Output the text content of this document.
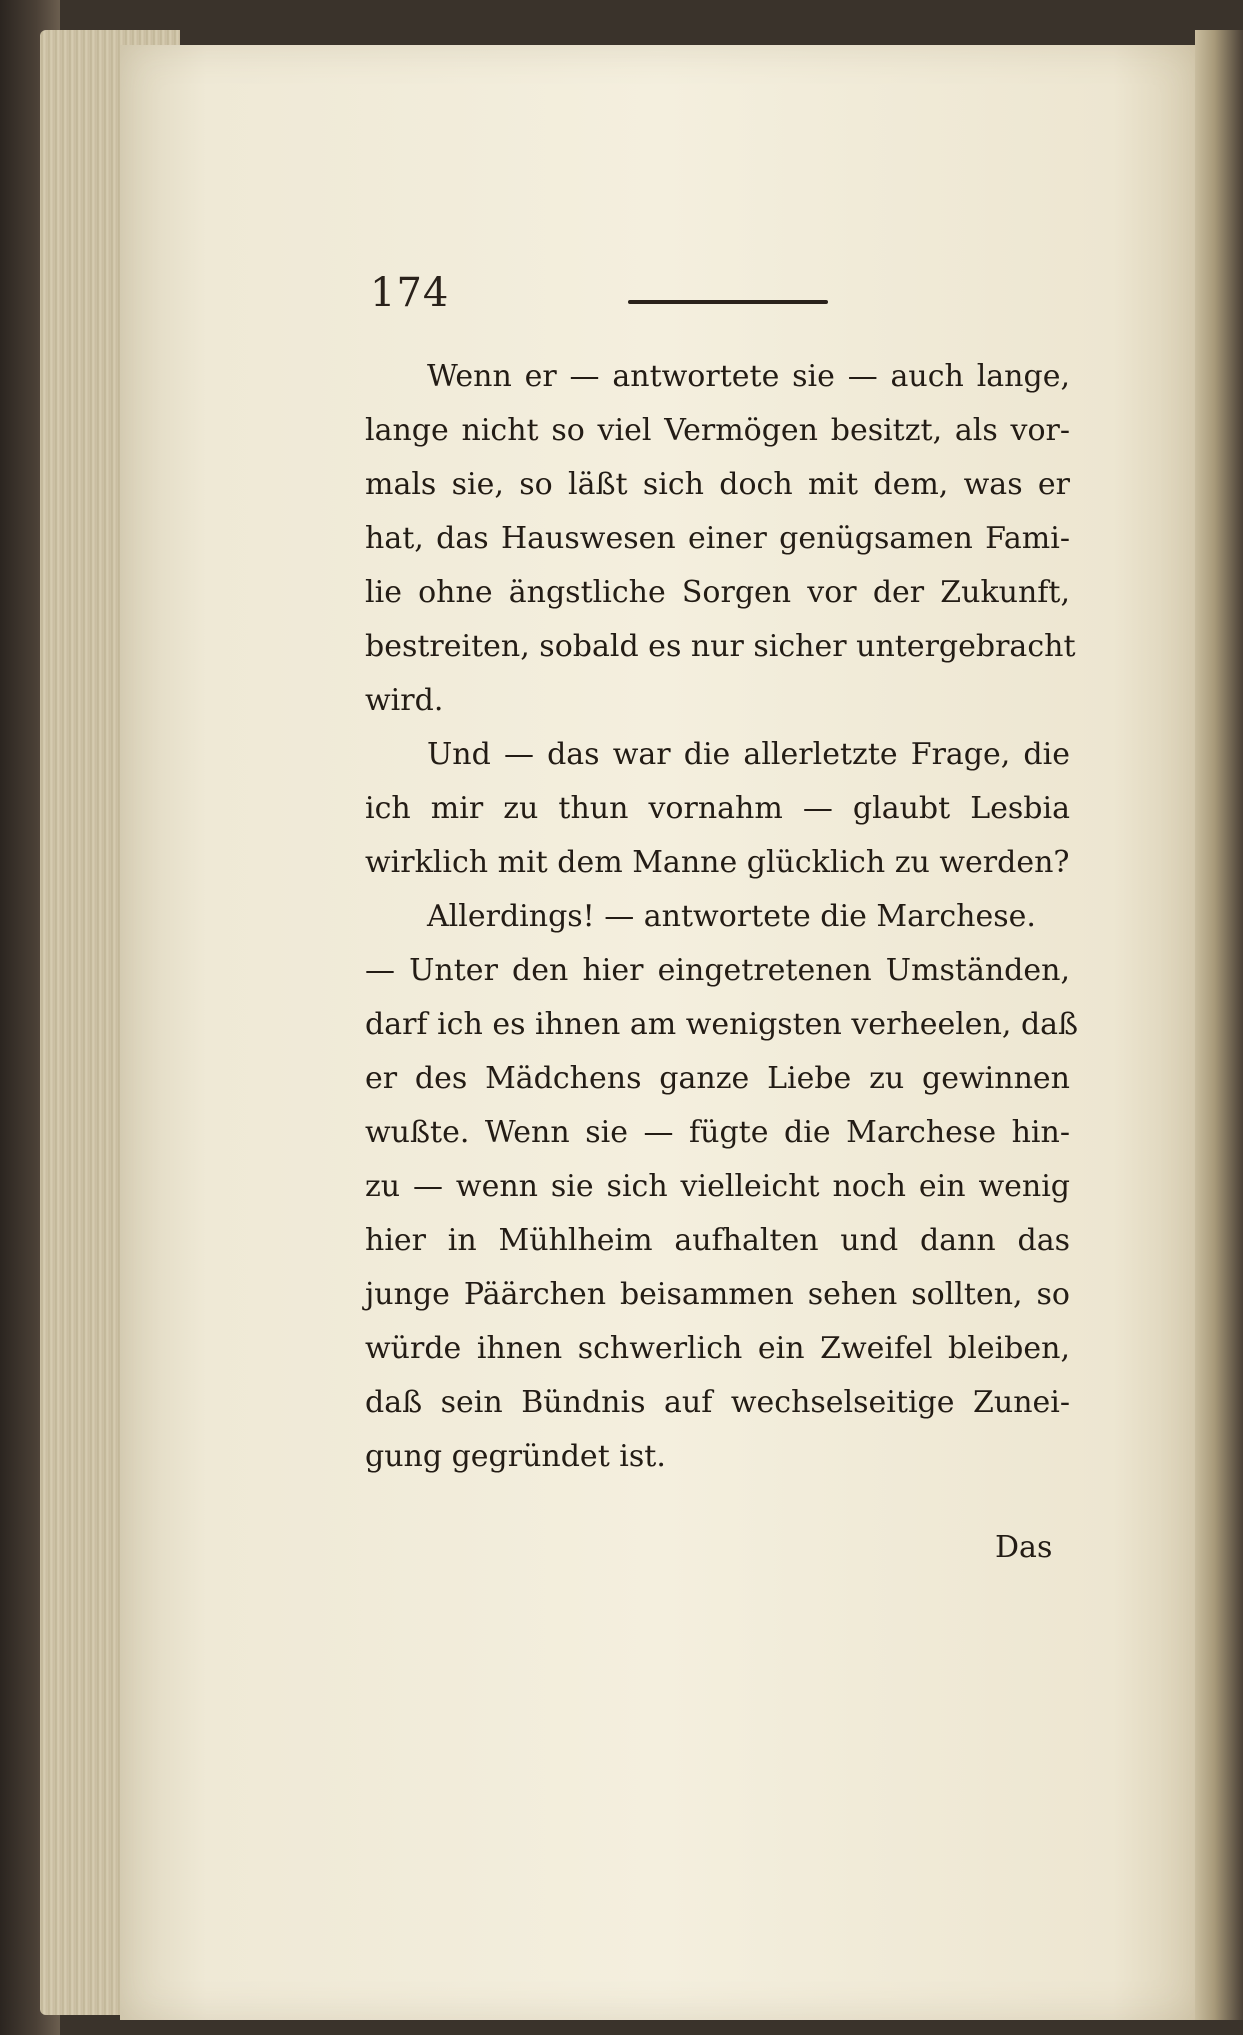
174
Wenn er — antwortete sie — auch lange,
lange nicht so viel Vermögen besitzt, als vor-
mals sie, so läßt sich doch mit dem, was er
hat, das Hauswesen einer genügsamen Fami-
lie ohne ängstliche Sorgen vor der Zukunft,
bestreiten, sobald es nur sicher untergebracht
wird.
Und — das war die allerletzte Frage, die
ich mir zu thun vornahm — glaubt Lesbia
wirklich mit dem Manne glücklich zu werden?
Allerdings! — antwortete die Marchese.
— Unter den hier eingetretenen Umständen,
darf ich es ihnen am wenigsten verheelen, daß
er des Mädchens ganze Liebe zu gewinnen
wußte. Wenn sie — fügte die Marchese hin-
zu — wenn sie sich vielleicht noch ein wenig
hier in Mühlheim aufhalten und dann das
junge Päärchen beisammen sehen sollten, so
würde ihnen schwerlich ein Zweifel bleiben,
daß sein Bündnis auf wechselseitige Zunei-
gung gegründet ist.
Das
